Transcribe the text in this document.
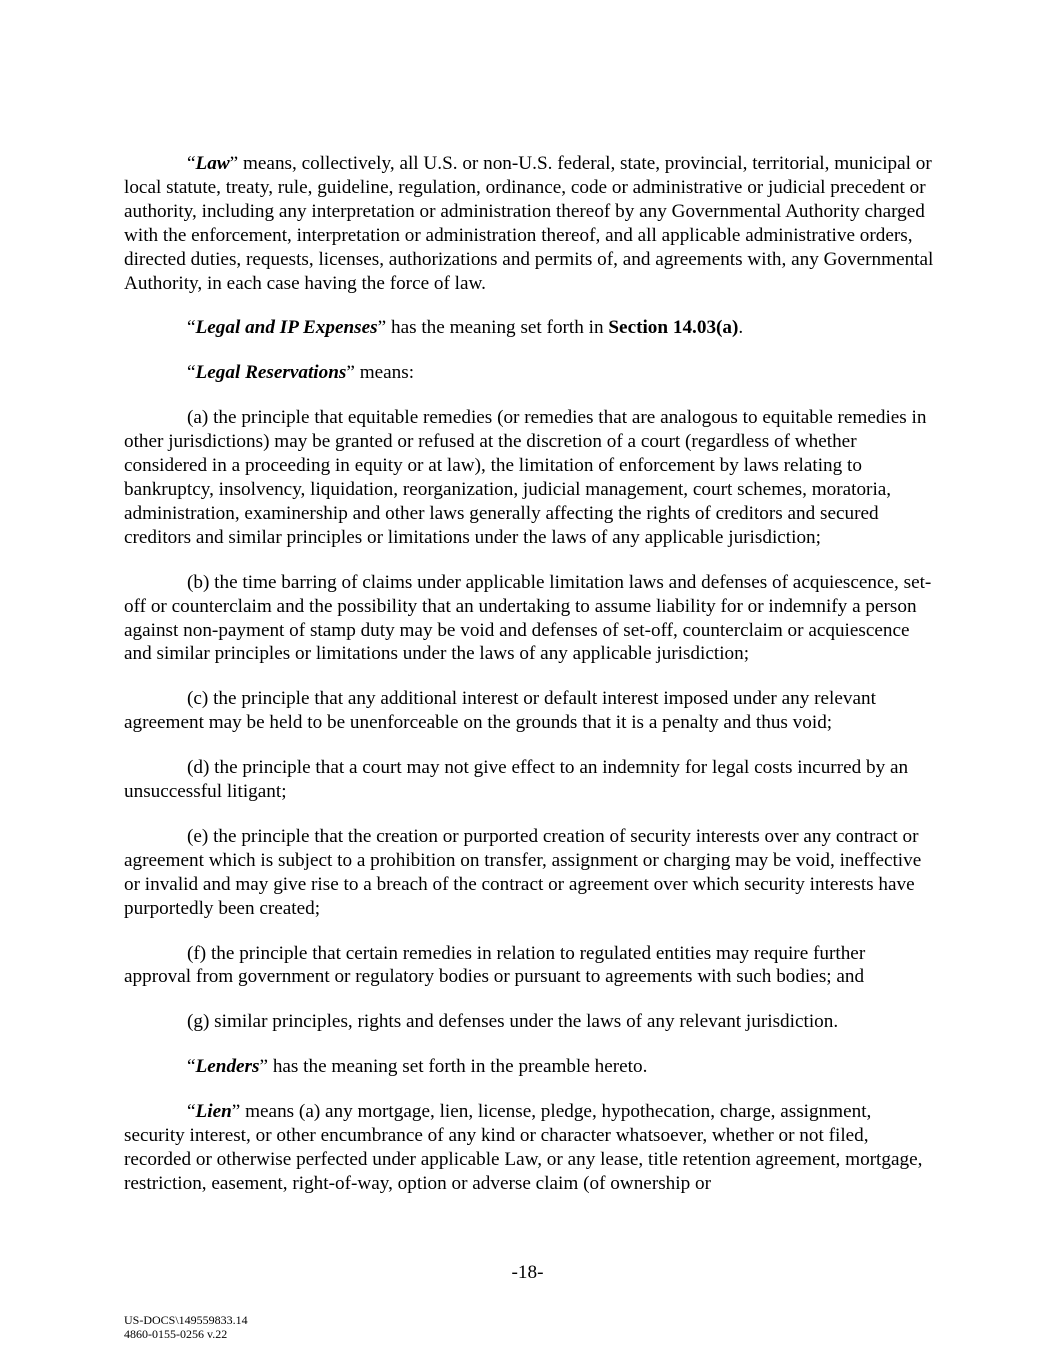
“Law” means, collectively, all U.S. or non-U.S. federal, state, provincial, territorial, municipal or local statute, treaty, rule, guideline, regulation, ordinance, code or administrative or judicial precedent or authority, including any interpretation or administration thereof by any Governmental Authority charged with the enforcement, interpretation or administration thereof, and all applicable administrative orders, directed duties, requests, licenses, authorizations and permits of, and agreements with, any Governmental Authority, in each case having the force of law.

“Legal and IP Expenses” has the meaning set forth in Section 14.03(a).

“Legal Reservations” means:

(a) the principle that equitable remedies (or remedies that are analogous to equitable remedies in other jurisdictions) may be granted or refused at the discretion of a court (regardless of whether considered in a proceeding in equity or at law), the limitation of enforcement by laws relating to bankruptcy, insolvency, liquidation, reorganization, judicial management, court schemes, moratoria, administration, examinership and other laws generally affecting the rights of creditors and secured creditors and similar principles or limitations under the laws of any applicable jurisdiction;

(b) the time barring of claims under applicable limitation laws and defenses of acquiescence, set-off or counterclaim and the possibility that an undertaking to assume liability for or indemnify a person against non-payment of stamp duty may be void and defenses of set-off, counterclaim or acquiescence and similar principles or limitations under the laws of any applicable jurisdiction;

(c) the principle that any additional interest or default interest imposed under any relevant agreement may be held to be unenforceable on the grounds that it is a penalty and thus void;

(d) the principle that a court may not give effect to an indemnity for legal costs incurred by an unsuccessful litigant;

(e) the principle that the creation or purported creation of security interests over any contract or agreement which is subject to a prohibition on transfer, assignment or charging may be void, ineffective or invalid and may give rise to a breach of the contract or agreement over which security interests have purportedly been created;

(f) the principle that certain remedies in relation to regulated entities may require further approval from government or regulatory bodies or pursuant to agreements with such bodies; and

(g) similar principles, rights and defenses under the laws of any relevant jurisdiction.

“Lenders” has the meaning set forth in the preamble hereto.

“Lien” means (a) any mortgage, lien, license, pledge, hypothecation, charge, assignment, security interest, or other encumbrance of any kind or character whatsoever, whether or not filed, recorded or otherwise perfected under applicable Law, or any lease, title retention agreement, mortgage, restriction, easement, right-of-way, option or adverse claim (of ownership or

-18-
US-DOCS\149559833.14
4860-0155-0256 v.22
